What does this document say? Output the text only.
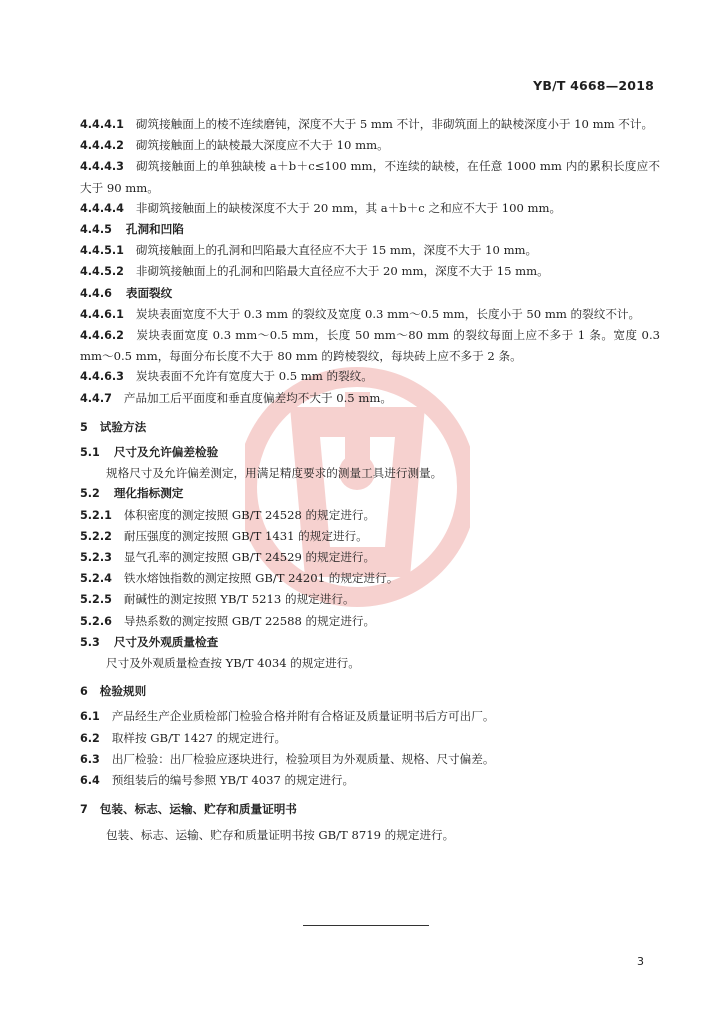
YB/T 4668—2018

4.4.4.1 砌筑接触面上的棱不连续磨钝，深度不大于 5 mm 不计，非砌筑面上的缺棱深度小于 10 mm 不计。

4.4.4.2 砌筑接触面上的缺棱最大深度应不大于 10 mm。

4.4.4.3 砌筑接触面上的单独缺棱 a＋b＋c≤100 mm，不连续的缺棱，在任意 1000 mm 内的累积长度应不大于 90 mm。

4.4.4.4 非砌筑接触面上的缺棱深度不大于 20 mm，其 a＋b＋c 之和应不大于 100 mm。

4.4.5 孔洞和凹陷

4.4.5.1 砌筑接触面上的孔洞和凹陷最大直径应不大于 15 mm，深度不大于 10 mm。

4.4.5.2 非砌筑接触面上的孔洞和凹陷最大直径应不大于 20 mm，深度不大于 15 mm。

4.4.6 表面裂纹

4.4.6.1 炭块表面宽度不大于 0.3 mm 的裂纹及宽度 0.3 mm～0.5 mm，长度小于 50 mm 的裂纹不计。

4.4.6.2 炭块表面宽度 0.3 mm～0.5 mm，长度 50 mm～80 mm 的裂纹每面上应不多于 1 条。宽度 0.3 mm～0.5 mm，每面分布长度不大于 80 mm 的跨棱裂纹，每块砖上应不多于 2 条。

4.4.6.3 炭块表面不允许有宽度大于 0.5 mm 的裂纹。

4.4.7 产品加工后平面度和垂直度偏差均不大于 0.5 mm。

5 试验方法

5.1 尺寸及允许偏差检验

规格尺寸及允许偏差测定，用满足精度要求的测量工具进行测量。

5.2 理化指标测定

5.2.1 体积密度的测定按照 GB/T 24528 的规定进行。

5.2.2 耐压强度的测定按照 GB/T 1431 的规定进行。

5.2.3 显气孔率的测定按照 GB/T 24529 的规定进行。

5.2.4 铁水熔蚀指数的测定按照 GB/T 24201 的规定进行。

5.2.5 耐碱性的测定按照 YB/T 5213 的规定进行。

5.2.6 导热系数的测定按照 GB/T 22588 的规定进行。

5.3 尺寸及外观质量检查

尺寸及外观质量检查按 YB/T 4034 的规定进行。

6 检验规则

6.1 产品经生产企业质检部门检验合格并附有合格证及质量证明书后方可出厂。

6.2 取样按 GB/T 1427 的规定进行。

6.3 出厂检验：出厂检验应逐块进行，检验项目为外观质量、规格、尺寸偏差。

6.4 预组装后的编号参照 YB/T 4037 的规定进行。

7 包装、标志、运输、贮存和质量证明书

包装、标志、运输、贮存和质量证明书按 GB/T 8719 的规定进行。

3
